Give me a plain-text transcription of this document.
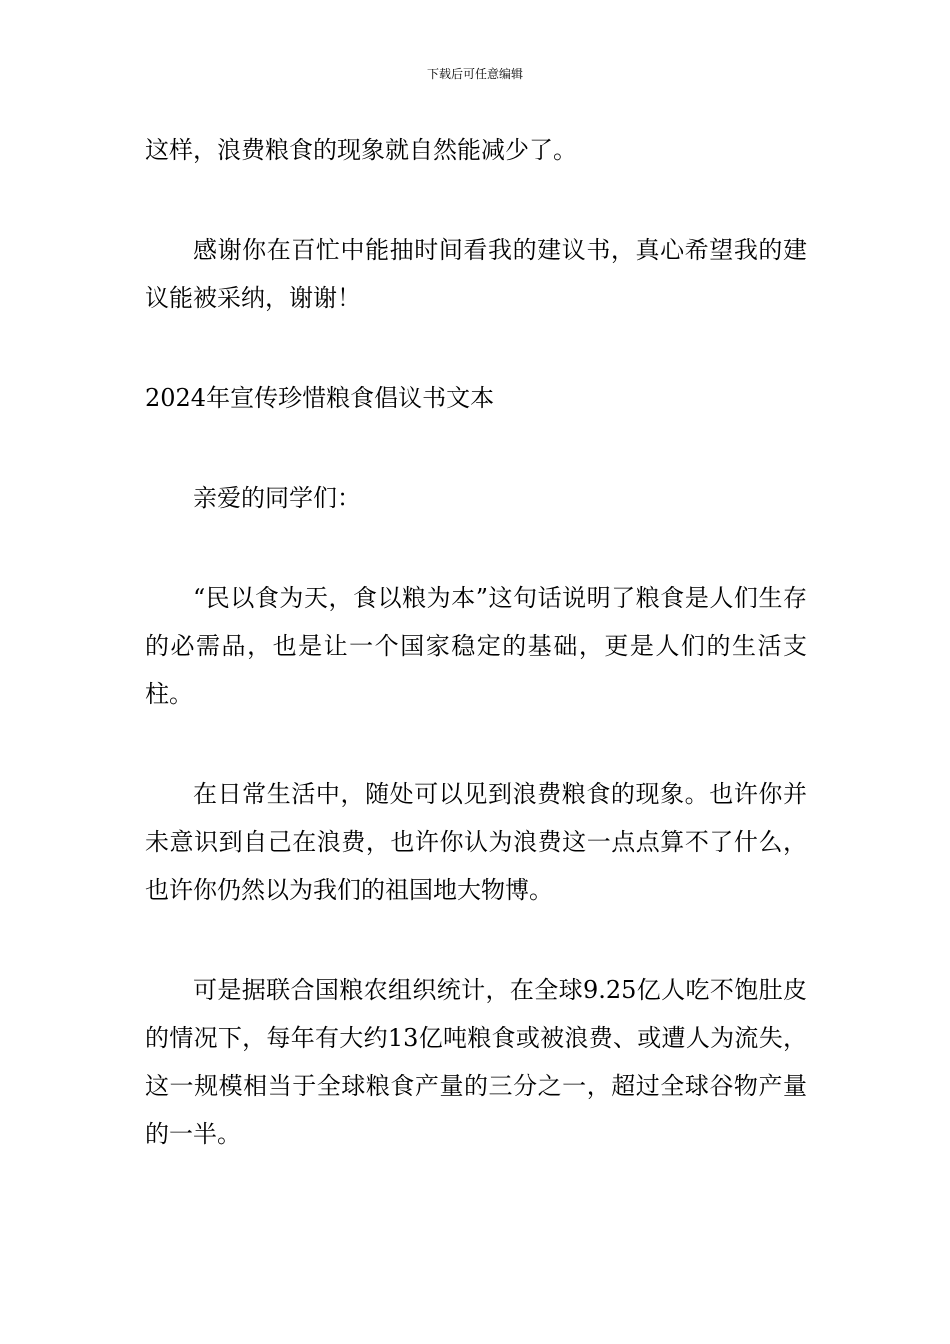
下载后可任意编辑

这样，浪费粮食的现象就自然能减少了。

感谢你在百忙中能抽时间看我的建议书，真心希望我的建议能被采纳，谢谢！

2024年宣传珍惜粮食倡议书文本

亲爱的同学们：

“民以食为天，食以粮为本”这句话说明了粮食是人们生存的必需品，也是让一个国家稳定的基础，更是人们的生活支柱。

在日常生活中，随处可以见到浪费粮食的现象。也许你并未意识到自己在浪费，也许你认为浪费这一点点算不了什么，也许你仍然以为我们的祖国地大物博。

可是据联合国粮农组织统计，在全球9.25亿人吃不饱肚皮的情况下，每年有大约13亿吨粮食或被浪费、或遭人为流失，这一规模相当于全球粮食产量的三分之一，超过全球谷物产量的一半。
